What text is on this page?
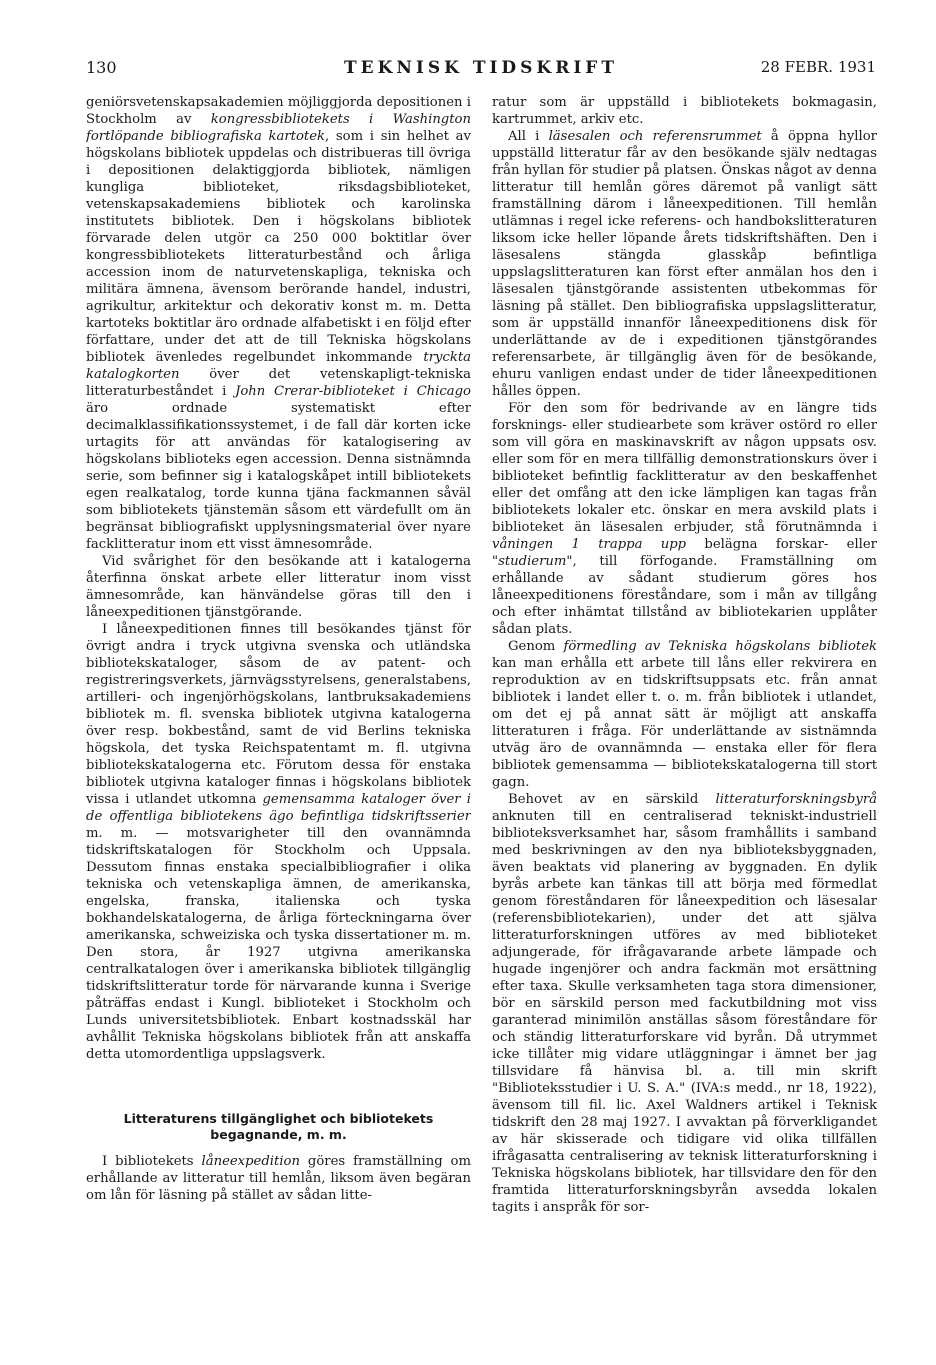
130	TEKNISK TIDSKRIFT	28 FEBR. 1931

geniörsvetenskapsakademien möjliggjorda depositionen i Stockholm av kongressbibliotekets i Washington fortlöpande bibliografiska kartotek, som i sin helhet av högskolans bibliotek uppdelas och distribueras till övriga i depositionen delaktiggjorda bibliotek, nämligen kungliga biblioteket, riksdagsbiblioteket, vetenskapsakademiens bibliotek och karolinska institutets bibliotek. Den i högskolans bibliotek förvarade delen utgör ca 250 000 boktitlar över kongressbibliotekets litteraturbestånd och årliga accession inom de naturvetenskapliga, tekniska och militära ämnena, ävensom berörande handel, industri, agrikultur, arkitektur och dekorativ konst m. m. Detta kartoteks boktitlar äro ordnade alfabetiskt i en följd efter författare, under det att de till Tekniska högskolans bibliotek ävenledes regelbundet inkommande tryckta katalogkorten över det vetenskapligt-tekniska litteraturbeståndet i John Crerar-biblioteket i Chicago äro ordnade systematiskt efter decimalklassifikationssystemet, i de fall där korten icke urtagits för att användas för katalogisering av högskolans biblioteks egen accession. Denna sistnämnda serie, som befinner sig i katalogskåpet intill bibliotekets egen realkatalog, torde kunna tjäna fackmannen såväl som bibliotekets tjänstemän såsom ett värdefullt om än begränsat bibliografiskt upplysningsmaterial över nyare facklitteratur inom ett visst ämnesområde.

Vid svårighet för den besökande att i katalogerna återfinna önskat arbete eller litteratur inom visst ämnesområde, kan hänvändelse göras till den i låneexpeditionen tjänstgörande.

I låneexpeditionen finnes till besökandes tjänst för övrigt andra i tryck utgivna svenska och utländska bibliotekskataloger, såsom de av patent- och registreringsverkets, järnvägsstyrelsens, generalstabens, artilleri- och ingenjörhögskolans, lantbruksakademiens bibliotek m. fl. svenska bibliotek utgivna katalogerna över resp. bokbestånd, samt de vid Berlins tekniska högskola, det tyska Reichspatentamt m. fl. utgivna bibliotekskatalogerna etc. Förutom dessa för enstaka bibliotek utgivna kataloger finnas i högskolans bibliotek vissa i utlandet utkomna gemensamma kataloger över i de offentliga bibliotekens ägo befintliga tidskriftsserier m. m. — motsvarigheter till den ovannämnda tidskriftskatalogen för Stockholm och Uppsala. Dessutom finnas enstaka specialbibliografier i olika tekniska och vetenskapliga ämnen, de amerikanska, engelska, franska, italienska och tyska bokhandelskatalogerna, de årliga förteckningarna över amerikanska, schweiziska och tyska dissertationer m. m. Den stora, år 1927 utgivna amerikanska centralkatalogen över i amerikanska bibliotek tillgänglig tidskriftslitteratur torde för närvarande kunna i Sverige påträffas endast i Kungl. biblioteket i Stockholm och Lunds universitetsbibliotek. Enbart kostnadsskäl har avhållit Tekniska högskolans bibliotek från att anskaffa detta utomordentliga uppslagsverk.

Litteraturens tillgänglighet och bibliotekets
begagnande, m. m.

I bibliotekets låneexpedition göres framställning om erhållande av litteratur till hemlån, liksom även begäran om lån för läsning på stället av sådan litte-

ratur som är uppställd i bibliotekets bokmagasin, kartrummet, arkiv etc.

All i läsesalen och referensrummet å öppna hyllor uppställd litteratur får av den besökande själv nedtagas från hyllan för studier på platsen. Önskas något av denna litteratur till hemlån göres däremot på vanligt sätt framställning därom i låneexpeditionen. Till hemlån utlämnas i regel icke referens- och handbokslitteraturen liksom icke heller löpande årets tidskriftshäften. Den i läsesalens stängda glasskåp befintliga uppslagslitteraturen kan först efter anmälan hos den i läsesalen tjänstgörande assistenten utbekommas för läsning på stället. Den bibliografiska uppslagslitteratur, som är uppställd innanför låneexpeditionens disk för underlättande av de i expeditionen tjänstgörandes referensarbete, är tillgänglig även för de besökande, ehuru vanligen endast under de tider låneexpeditionen hålles öppen.

För den som för bedrivande av en längre tids forsknings- eller studiearbete som kräver ostörd ro eller som vill göra en maskinavskrift av någon uppsats osv. eller som för en mera tillfällig demonstrationskurs över i biblioteket befintlig facklitteratur av den beskaffenhet eller det omfång att den icke lämpligen kan tagas från bibliotekets lokaler etc. önskar en mera avskild plats i biblioteket än läsesalen erbjuder, stå förutnämnda i våningen 1 trappa upp belägna forskar- eller "studierum", till förfogande. Framställning om erhållande av sådant studierum göres hos låneexpeditionens föreståndare, som i mån av tillgång och efter inhämtat tillstånd av bibliotekarien upplåter sådan plats.

Genom förmedling av Tekniska högskolans bibliotek kan man erhålla ett arbete till låns eller rekvirera en reproduktion av en tidskriftsuppsats etc. från annat bibliotek i landet eller t. o. m. från bibliotek i utlandet, om det ej på annat sätt är möjligt att anskaffa litteraturen i fråga. För underlättande av sistnämnda utväg äro de ovannämnda — enstaka eller för flera bibliotek gemensamma — bibliotekskatalogerna till stort gagn.

Behovet av en särskild litteraturforskningsbyrå anknuten till en centraliserad tekniskt-industriell biblioteksverksamhet har, såsom framhållits i samband med beskrivningen av den nya biblioteksbyggnaden, även beaktats vid planering av byggnaden. En dylik byrås arbete kan tänkas till att börja med förmedlat genom föreståndaren för låneexpedition och läsesalar (referensbibliotekarien), under det att själva litteraturforskningen utföres av med biblioteket adjungerade, för ifrågavarande arbete lämpade och hugade ingenjörer och andra fackmän mot ersättning efter taxa. Skulle verksamheten taga stora dimensioner, bör en särskild person med fackutbildning mot viss garanterad minimilön anställas såsom föreståndare för och ständig litteraturforskare vid byrån. Då utrymmet icke tillåter mig vidare utläggningar i ämnet ber jag tillsvidare få hänvisa bl. a. till min skrift "Biblioteksstudier i U. S. A." (IVA:s medd., nr 18, 1922), ävensom till fil. lic. Axel Waldners artikel i Teknisk tidskrift den 28 maj 1927. I avvaktan på förverkligandet av här skisserade och tidigare vid olika tillfällen ifrågasatta centralisering av teknisk litteraturforskning i Tekniska högskolans bibliotek, har tillsvidare den för den framtida litteraturforskningsbyrån avsedda lokalen tagits i anspråk för sor-
